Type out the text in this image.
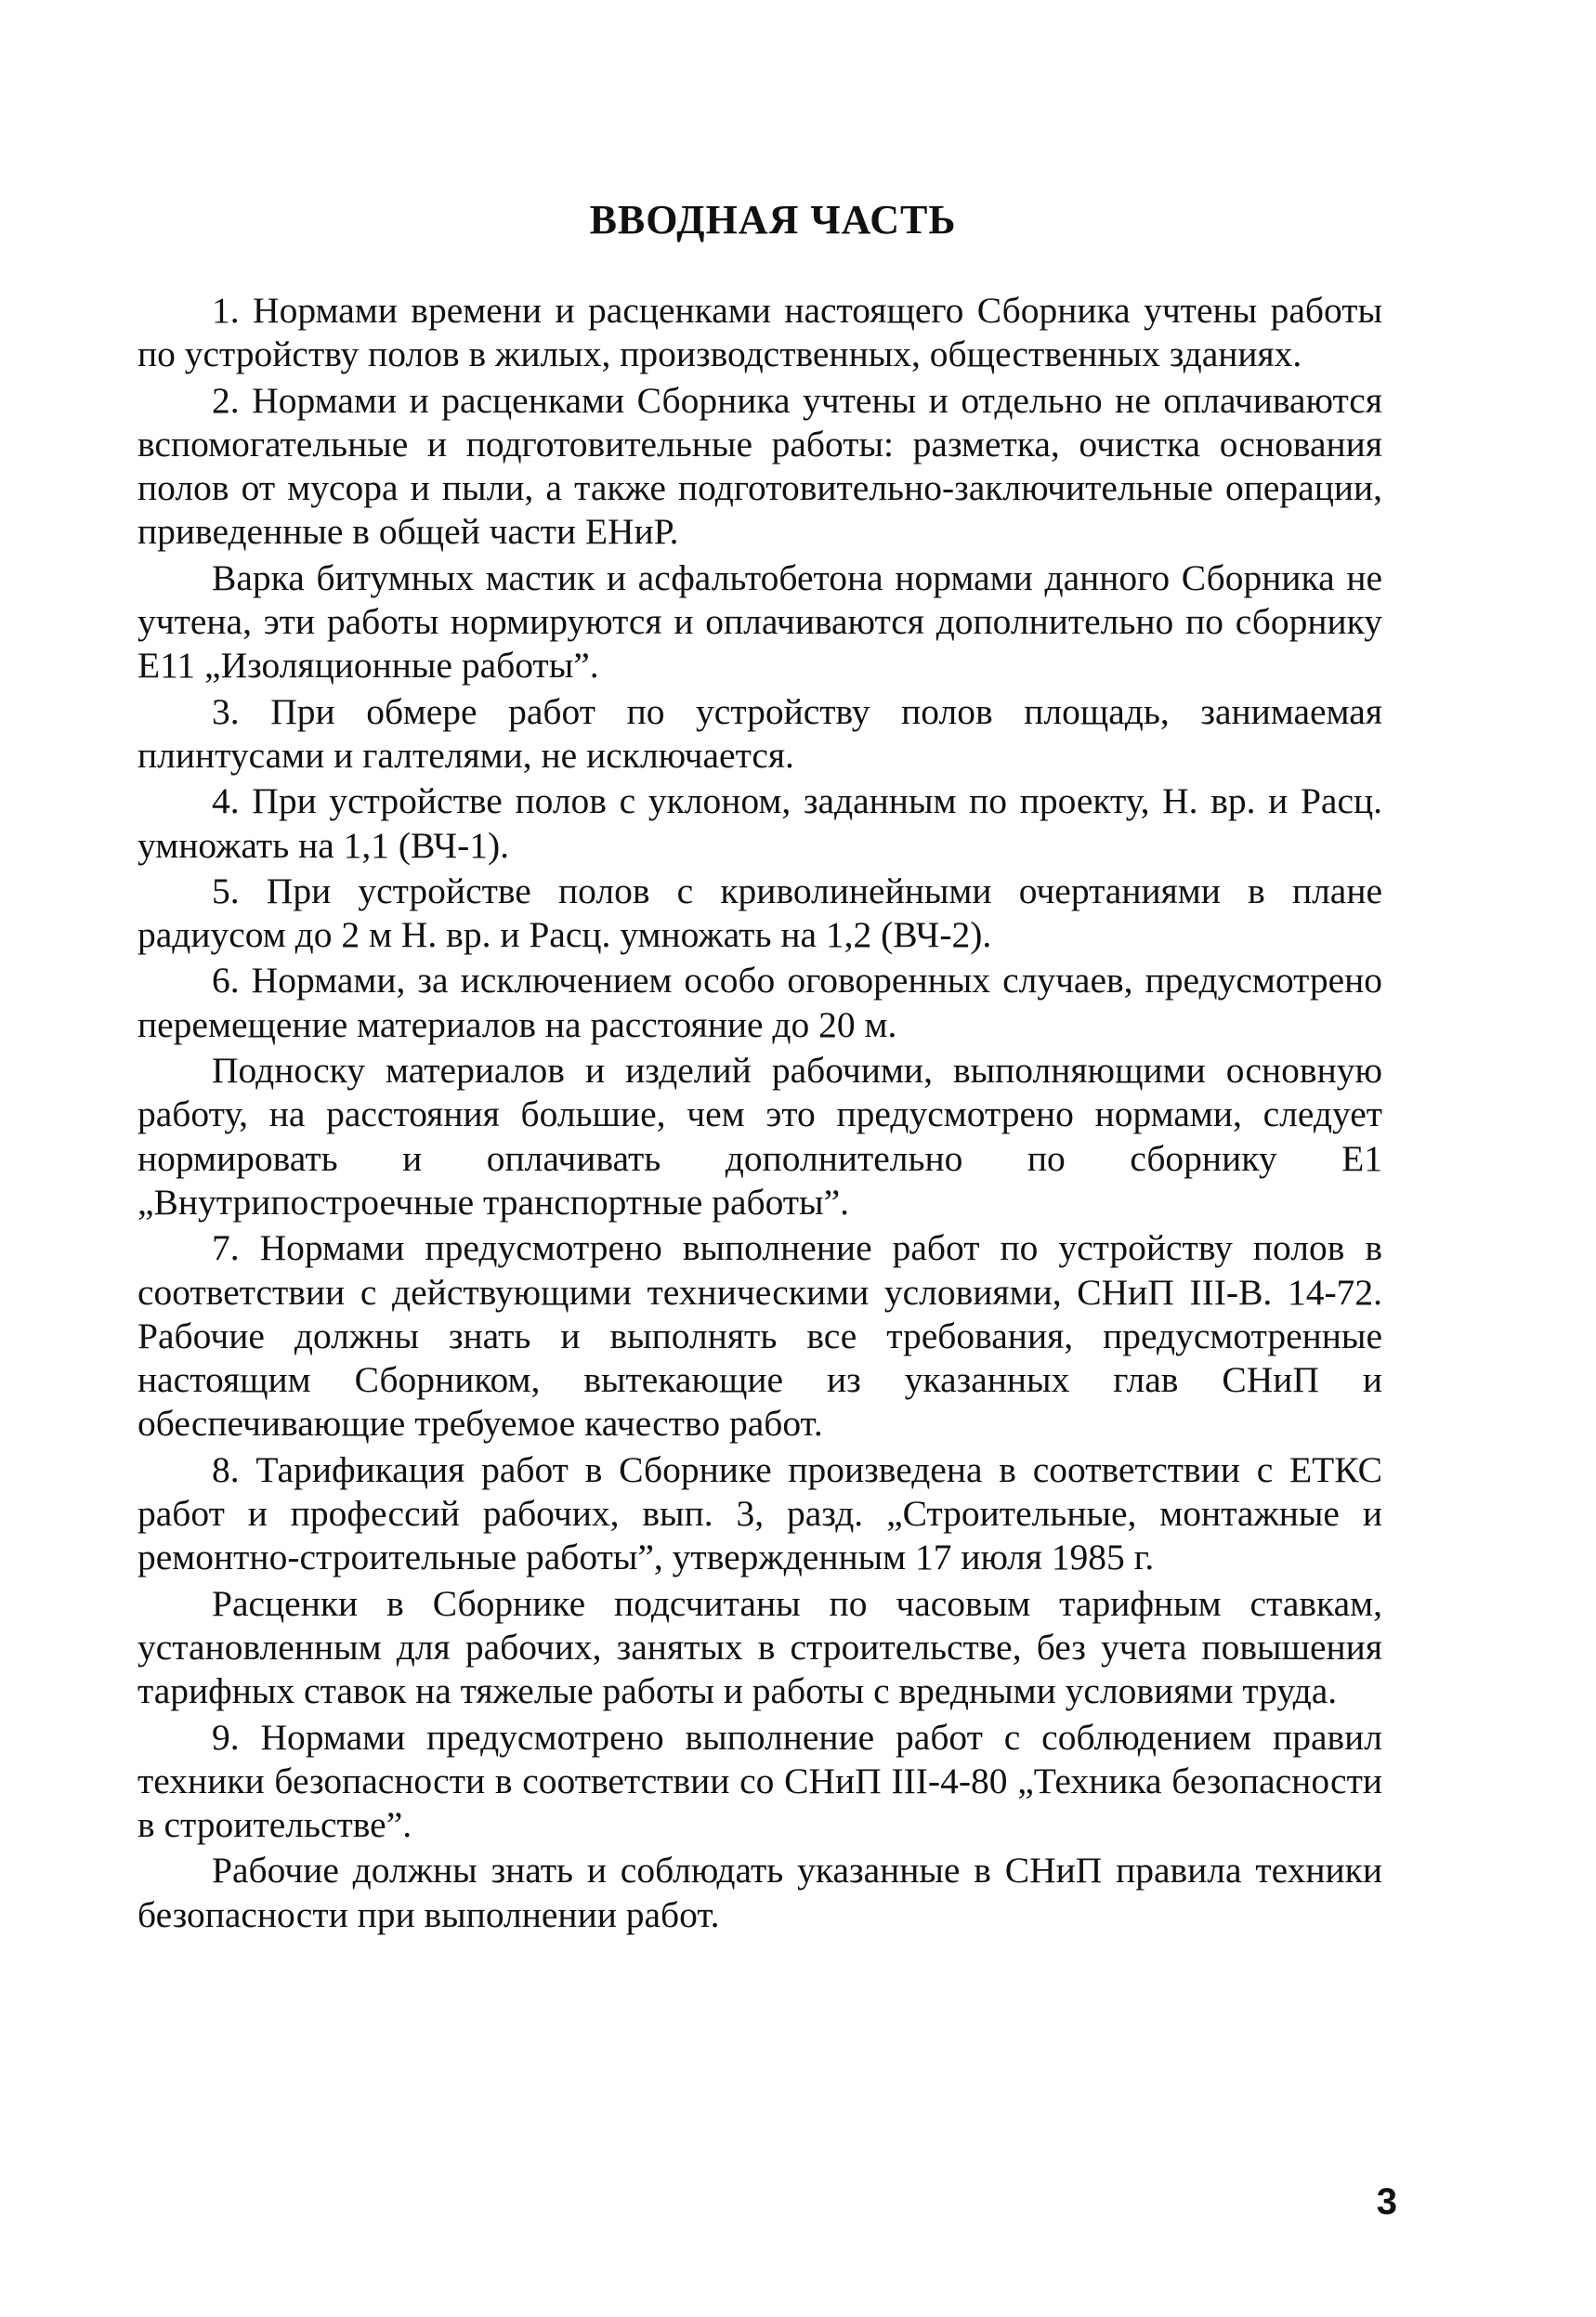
ВВОДНАЯ ЧАСТЬ

1. Нормами времени и расценками настоящего Сборника учтены работы по устройству полов в жилых, производственных, общественных зданиях.

2. Нормами и расценками Сборника учтены и отдельно не оплачиваются вспомогательные и подготовительные работы: разметка, очистка основания полов от мусора и пыли, а также подготовительно-заключительные операции, приведенные в общей части ЕНиР.

Варка битумных мастик и асфальтобетона нормами данного Сборника не учтена, эти работы нормируются и оплачиваются дополнительно по сборнику Е11 „Изоляционные работы”.

3. При обмере работ по устройству полов площадь, занимаемая плинтусами и галтелями, не исключается.

4. При устройстве полов с уклоном, заданным по проекту, Н. вр. и Расц. умножать на 1,1 (ВЧ-1).

5. При устройстве полов с криволинейными очертаниями в плане радиусом до 2 м Н. вр. и Расц. умножать на 1,2 (ВЧ-2).

6. Нормами, за исключением особо оговоренных случаев, предусмотрено перемещение материалов на расстояние до 20 м.

Подноску материалов и изделий рабочими, выполняющими основную работу, на расстояния большие, чем это предусмотрено нормами, следует нормировать и оплачивать дополнительно по сборнику Е1 „Внутрипостроечные транспортные работы”.

7. Нормами предусмотрено выполнение работ по устройству полов в соответствии с действующими техническими условиями, СНиП III-В. 14-72. Рабочие должны знать и выполнять все требования, предусмотренные настоящим Сборником, вытекающие из указанных глав СНиП и обеспечивающие требуемое качество работ.

8. Тарификация работ в Сборнике произведена в соответствии с ЕТКС работ и профессий рабочих, вып. 3, разд. „Строительные, монтажные и ремонтно-строительные работы”, утвержденным 17 июля 1985 г.

Расценки в Сборнике подсчитаны по часовым тарифным ставкам, установленным для рабочих, занятых в строительстве, без учета повышения тарифных ставок на тяжелые работы и работы с вредными условиями труда.

9. Нормами предусмотрено выполнение работ с соблюдением правил техники безопасности в соответствии со СНиП III-4-80 „Техника безопасности в строительстве”.

Рабочие должны знать и соблюдать указанные в СНиП правила техники безопасности при выполнении работ.

3
